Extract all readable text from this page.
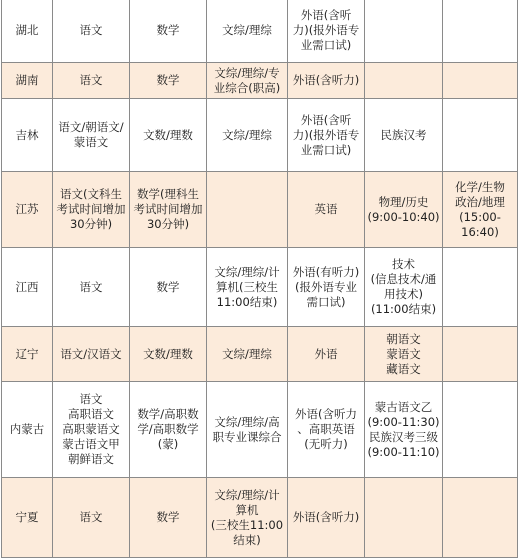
湖北	语文	数学	文综/理综	外语(含听
力)(报外语专
业需口试)		
湖南	语文	数学	文综/理综/专
业综合(职高)	外语(含听力)		
吉林	语文/朝语文/
蒙语文	文数/理数	文综/理综	外语(含听
力)(报外语专
业需口试)	民族汉考	
江苏	语文(文科生
考试时间增加
30分钟)	数学(理科生
考试时间增加
30分钟)		英语	物理/历史
(9:00-10:40)	化学/生物
政治/地理
(15:00-
16:40)
江西	语文	数学	文综/理综/计
算机(三校生
11:00结束)	外语(有听力)
(报外语专业
需口试)	技术
(信息技术/通
用技术)
(11:00结束)	
辽宁	语文/汉语文	文数/理数	文综/理综	外语	朝语文
蒙语文
藏语文	
内蒙古	语文
高职语文
高职蒙语文
蒙古语文甲
朝鲜语文	数学/高职数
学/高职数学
(蒙)	文综/理综/高
职专业课综合	外语(含听力
、高职英语
(无听力)	蒙古语文乙
(9:00-11:30)
民族汉考三级
(9:00-11:10)	
宁夏	语文	数学	文综/理综/计
算机
(三校生11:00
结束)	外语(含听力)		
